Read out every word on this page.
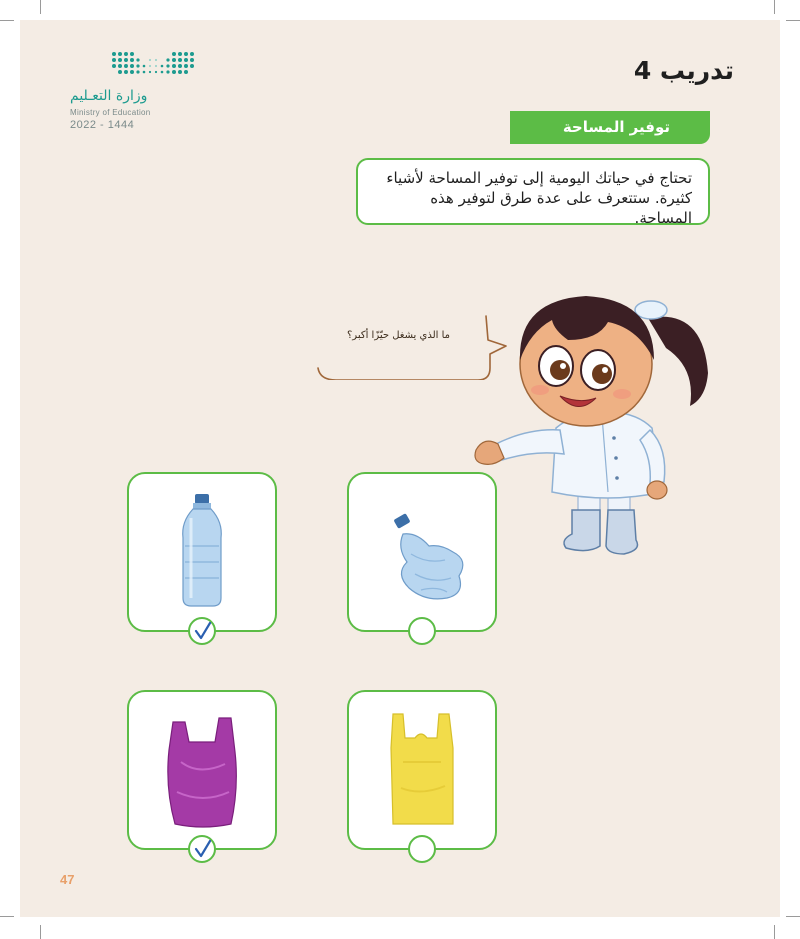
وزارة التعـليم
Ministry of Education
2022 - 1444
تدريب 4
توفير المساحة
تحتاج في حياتك اليومية إلى توفير المساحة لأشياء
كثيرة. ستتعرف على عدة طرق لتوفير هذه المساحة.
ما الذي يشغل حيّزًا أكبر؟
47
